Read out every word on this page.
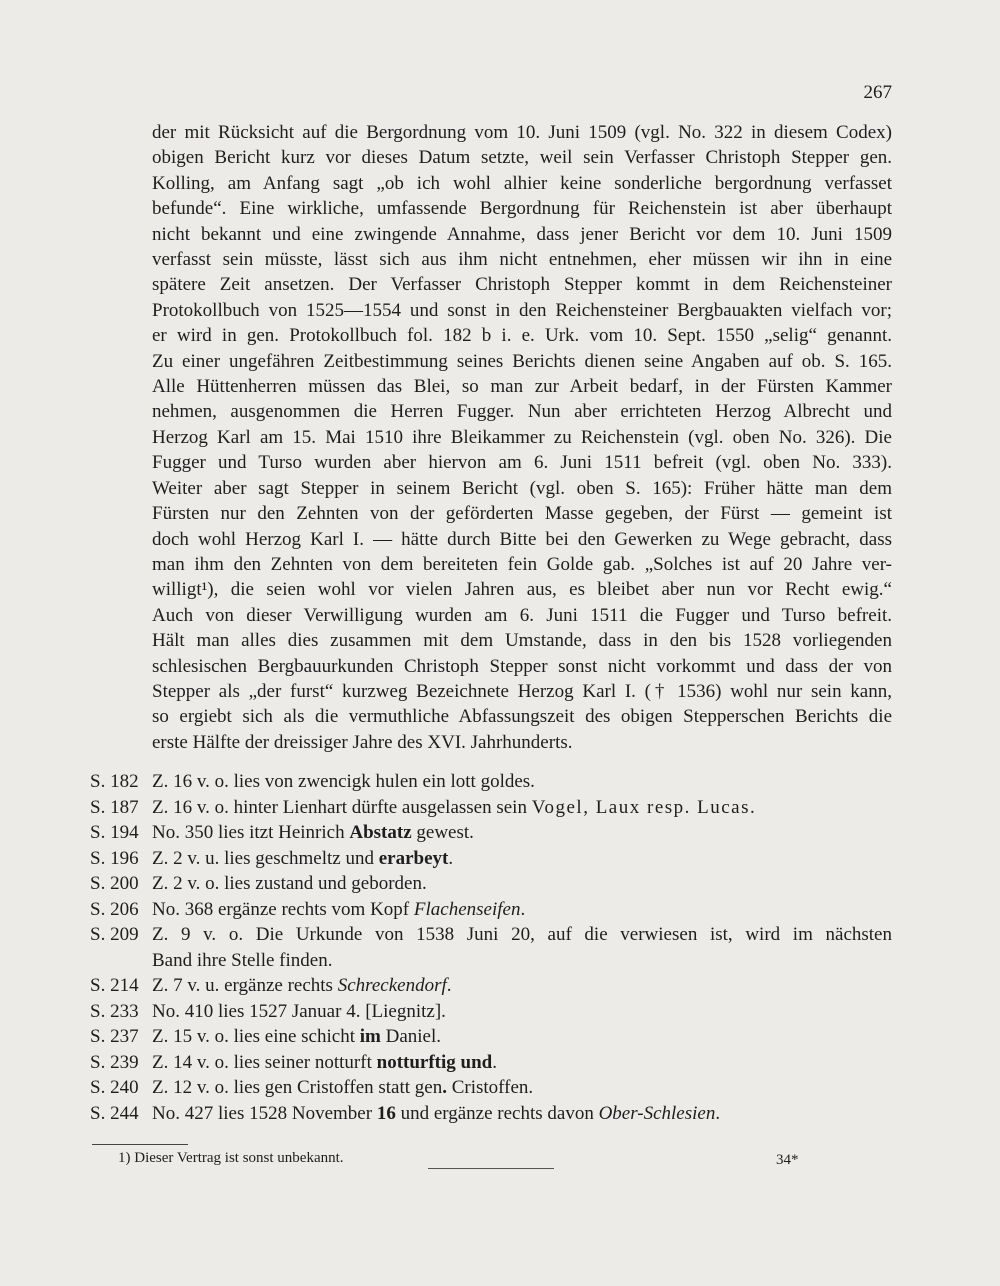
267
der mit Rücksicht auf die Bergordnung vom 10. Juni 1509 (vgl. No. 322 in diesem Codex)
obigen Bericht kurz vor dieses Datum setzte, weil sein Verfasser Christoph Stepper gen.
Kolling, am Anfang sagt „ob ich wohl alhier keine sonderliche bergordnung verfasset
befunde“. Eine wirkliche, umfassende Bergordnung für Reichenstein ist aber überhaupt
nicht bekannt und eine zwingende Annahme, dass jener Bericht vor dem 10. Juni 1509
verfasst sein müsste, lässt sich aus ihm nicht entnehmen, eher müssen wir ihn in eine
spätere Zeit ansetzen. Der Verfasser Christoph Stepper kommt in dem Reichensteiner
Protokollbuch von 1525—1554 und sonst in den Reichensteiner Bergbauakten vielfach vor;
er wird in gen. Protokollbuch fol. 182 b i. e. Urk. vom 10. Sept. 1550 „selig“ genannt.
Zu einer ungefähren Zeitbestimmung seines Berichts dienen seine Angaben auf ob. S. 165.
Alle Hüttenherren müssen das Blei, so man zur Arbeit bedarf, in der Fürsten Kammer
nehmen, ausgenommen die Herren Fugger. Nun aber errichteten Herzog Albrecht und
Herzog Karl am 15. Mai 1510 ihre Bleikammer zu Reichenstein (vgl. oben No. 326). Die
Fugger und Turso wurden aber hiervon am 6. Juni 1511 befreit (vgl. oben No. 333).
Weiter aber sagt Stepper in seinem Bericht (vgl. oben S. 165): Früher hätte man dem
Fürsten nur den Zehnten von der geförderten Masse gegeben, der Fürst — gemeint ist
doch wohl Herzog Karl I. — hätte durch Bitte bei den Gewerken zu Wege gebracht, dass
man ihm den Zehnten von dem bereiteten fein Golde gab. „Solches ist auf 20 Jahre ver-
willigt¹), die seien wohl vor vielen Jahren aus, es bleibet aber nun vor Recht ewig.“
Auch von dieser Verwilligung wurden am 6. Juni 1511 die Fugger und Turso befreit.
Hält man alles dies zusammen mit dem Umstande, dass in den bis 1528 vorliegenden
schlesischen Bergbauurkunden Christoph Stepper sonst nicht vorkommt und dass der von
Stepper als „der furst“ kurzweg Bezeichnete Herzog Karl I. († 1536) wohl nur sein kann,
so ergiebt sich als die vermuthliche Abfassungszeit des obigen Stepperschen Berichts die
erste Hälfte der dreissiger Jahre des XVI. Jahrhunderts.
S. 182 Z. 16 v. o. lies von zwencigk hulen ein lott goldes.
S. 187 Z. 16 v. o. hinter Lienhart dürfte ausgelassen sein Vogel, Laux resp. Lucas.
S. 194 No. 350 lies itzt Heinrich Abstatz gewest.
S. 196 Z. 2 v. u. lies geschmeltz und erarbeyt.
S. 200 Z. 2 v. o. lies zustand und geborden.
S. 206 No. 368 ergänze rechts vom Kopf Flachenseifen.
S. 209 Z. 9 v. o. Die Urkunde von 1538 Juni 20, auf die verwiesen ist, wird im nächsten
Band ihre Stelle finden.
S. 214 Z. 7 v. u. ergänze rechts Schreckendorf.
S. 233 No. 410 lies 1527 Januar 4. [Liegnitz].
S. 237 Z. 15 v. o. lies eine schicht im Daniel.
S. 239 Z. 14 v. o. lies seiner notturft notturftig und.
S. 240 Z. 12 v. o. lies gen Cristoffen statt gen. Cristoffen.
S. 244 No. 427 lies 1528 November 16 und ergänze rechts davon Ober-Schlesien.
1) Dieser Vertrag ist sonst unbekannt.	34*
